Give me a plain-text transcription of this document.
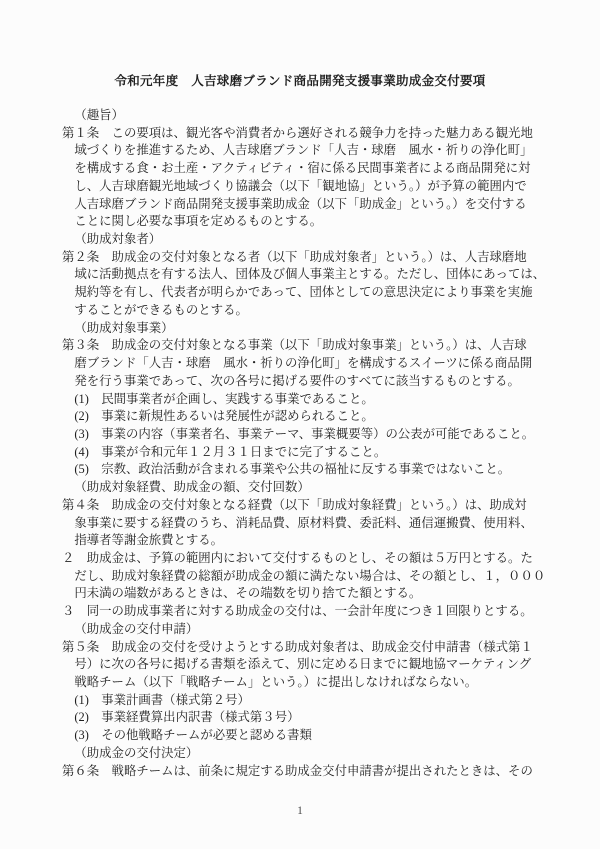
令和元年度　人吉球磨ブランド商品開発支援事業助成金交付要項
（趣旨）
第１条　この要項は、観光客や消費者から選好される競争力を持った魅力ある観光地
域づくりを推進するため、人吉球磨ブランド「人吉・球磨　風水・祈りの浄化町」
を構成する食・お土産・アクティビティ・宿に係る民間事業者による商品開発に対
し、人吉球磨観光地域づくり協議会（以下「観地協」という。）が予算の範囲内で
人吉球磨ブランド商品開発支援事業助成金（以下「助成金」という。）を交付する
ことに関し必要な事項を定めるものとする。
（助成対象者）
第２条　助成金の交付対象となる者（以下「助成対象者」という。）は、人吉球磨地
域に活動拠点を有する法人、団体及び個人事業主とする。ただし、団体にあっては、
規約等を有し、代表者が明らかであって、団体としての意思決定により事業を実施
することができるものとする。
（助成対象事業）
第３条　助成金の交付対象となる事業（以下「助成対象事業」という。）は、人吉球
磨ブランド「人吉・球磨　風水・祈りの浄化町」を構成するスイーツに係る商品開
発を行う事業であって、次の各号に掲げる要件のすべてに該当するものとする。
(1)　民間事業者が企画し、実践する事業であること。
(2)　事業に新規性あるいは発展性が認められること。
(3)　事業の内容（事業者名、事業テーマ、事業概要等）の公表が可能であること。
(4)　事業が令和元年１２月３１日までに完了すること。
(5)　宗教、政治活動が含まれる事業や公共の福祉に反する事業ではないこと。
（助成対象経費、助成金の額、交付回数）
第４条　助成金の交付対象となる経費（以下「助成対象経費」という。）は、助成対
象事業に要する経費のうち、消耗品費、原材料費、委託料、通信運搬費、使用料、
指導者等謝金旅費とする。
２　助成金は、予算の範囲内において交付するものとし、その額は５万円とする。た
だし、助成対象経費の総額が助成金の額に満たない場合は、その額とし、１，０００
円未満の端数があるときは、その端数を切り捨てた額とする。
３　同一の助成事業者に対する助成金の交付は、一会計年度につき１回限りとする。
（助成金の交付申請）
第５条　助成金の交付を受けようとする助成対象者は、助成金交付申請書（様式第１
号）に次の各号に掲げる書類を添えて、別に定める日までに観地協マーケティング
戦略チーム（以下「戦略チーム」という。）に提出しなければならない。
(1)　事業計画書（様式第２号）
(2)　事業経費算出内訳書（様式第３号）
(3)　その他戦略チームが必要と認める書類
（助成金の交付決定）
第６条　戦略チームは、前条に規定する助成金交付申請書が提出されたときは、その
1
